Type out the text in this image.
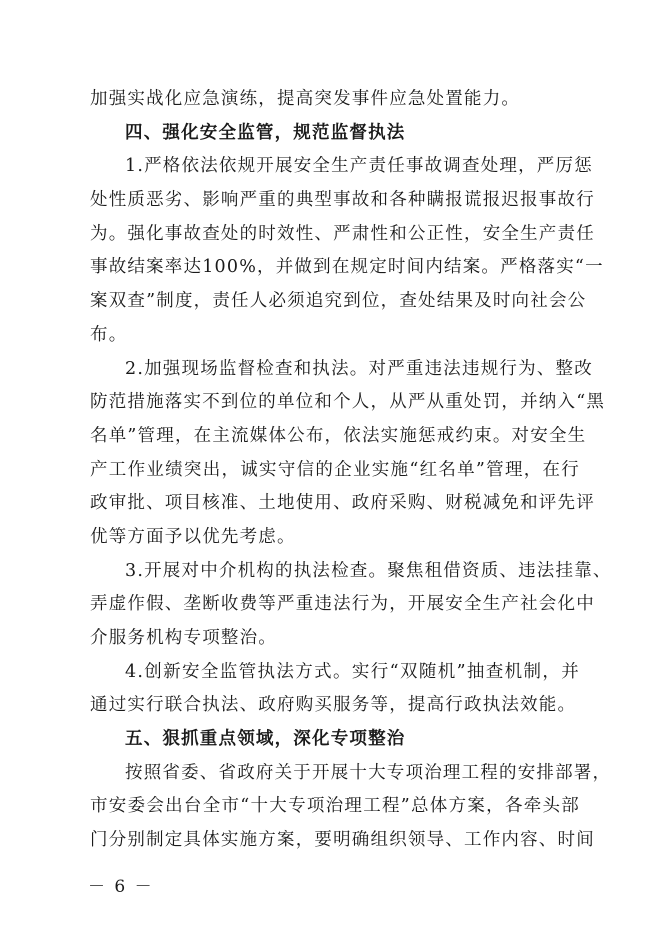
加强实战化应急演练，提高突发事件应急处置能力。
四、强化安全监管，规范监督执法
1.严格依法依规开展安全生产责任事故调查处理，严厉惩
处性质恶劣、影响严重的典型事故和各种瞒报谎报迟报事故行
为。强化事故查处的时效性、严肃性和公正性，安全生产责任
事故结案率达100%，并做到在规定时间内结案。严格落实“一
案双查”制度，责任人必须追究到位，查处结果及时向社会公
布。
2.加强现场监督检查和执法。对严重违法违规行为、整改
防范措施落实不到位的单位和个人，从严从重处罚，并纳入“黑
名单”管理，在主流媒体公布，依法实施惩戒约束。对安全生
产工作业绩突出，诚实守信的企业实施“红名单”管理，在行
政审批、项目核准、土地使用、政府采购、财税减免和评先评
优等方面予以优先考虑。
3.开展对中介机构的执法检查。聚焦租借资质、违法挂靠、
弄虚作假、垄断收费等严重违法行为，开展安全生产社会化中
介服务机构专项整治。
4.创新安全监管执法方式。实行“双随机”抽查机制，并
通过实行联合执法、政府购买服务等，提高行政执法效能。
五、狠抓重点领域，深化专项整治
按照省委、省政府关于开展十大专项治理工程的安排部署，
市安委会出台全市“十大专项治理工程”总体方案，各牵头部
门分别制定具体实施方案，要明确组织领导、工作内容、时间
－ 6 －
